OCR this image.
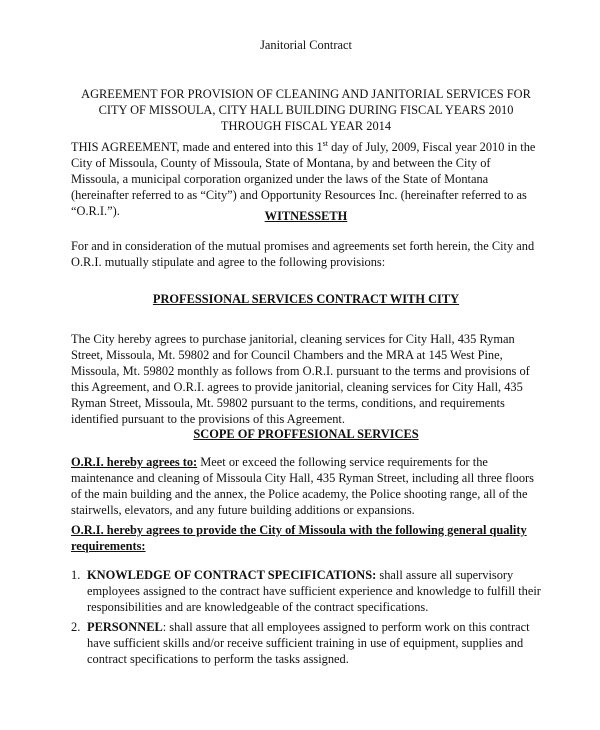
Janitorial Contract

AGREEMENT FOR PROVISION OF CLEANING AND JANITORIAL SERVICES FOR
CITY OF MISSOULA, CITY HALL BUILDING DURING FISCAL YEARS 2010
THROUGH FISCAL YEAR 2014

THIS AGREEMENT, made and entered into this 1st day of July, 2009, Fiscal year 2010 in the City of Missoula, County of Missoula, State of Montana, by and between the City of Missoula, a municipal corporation organized under the laws of the State of Montana (hereinafter referred to as “City”) and Opportunity Resources Inc. (hereinafter referred to as “O.R.I.”).	WITNESSETH

For and in consideration of the mutual promises and agreements set forth herein, the City and O.R.I. mutually stipulate and agree to the following provisions:

PROFESSIONAL SERVICES CONTRACT WITH CITY

The City hereby agrees to purchase janitorial, cleaning services for City Hall, 435 Ryman Street, Missoula, Mt. 59802 and for Council Chambers and the MRA at 145 West Pine, Missoula, Mt. 59802 monthly as follows from O.R.I. pursuant to the terms and provisions of this Agreement, and O.R.I. agrees to provide janitorial, cleaning services for City Hall, 435 Ryman Street, Missoula, Mt. 59802 pursuant to the terms, conditions, and requirements identified pursuant to the provisions of this Agreement.

SCOPE OF PROFFESIONAL SERVICES

O.R.I. hereby agrees to: Meet or exceed the following service requirements for the maintenance and cleaning of Missoula City Hall, 435 Ryman Street, including all three floors of the main building and the annex, the Police academy, the Police shooting range, all of the stairwells, elevators, and any future building additions or expansions.

O.R.I. hereby agrees to provide the City of Missoula with the following general quality requirements:

1. KNOWLEDGE OF CONTRACT SPECIFICATIONS: shall assure all supervisory employees assigned to the contract have sufficient experience and knowledge to fulfill their responsibilities and are knowledgeable of the contract specifications.
2. PERSONNEL: shall assure that all employees assigned to perform work on this contract have sufficient skills and/or receive sufficient training in use of equipment, supplies and contract specifications to perform the tasks assigned.
